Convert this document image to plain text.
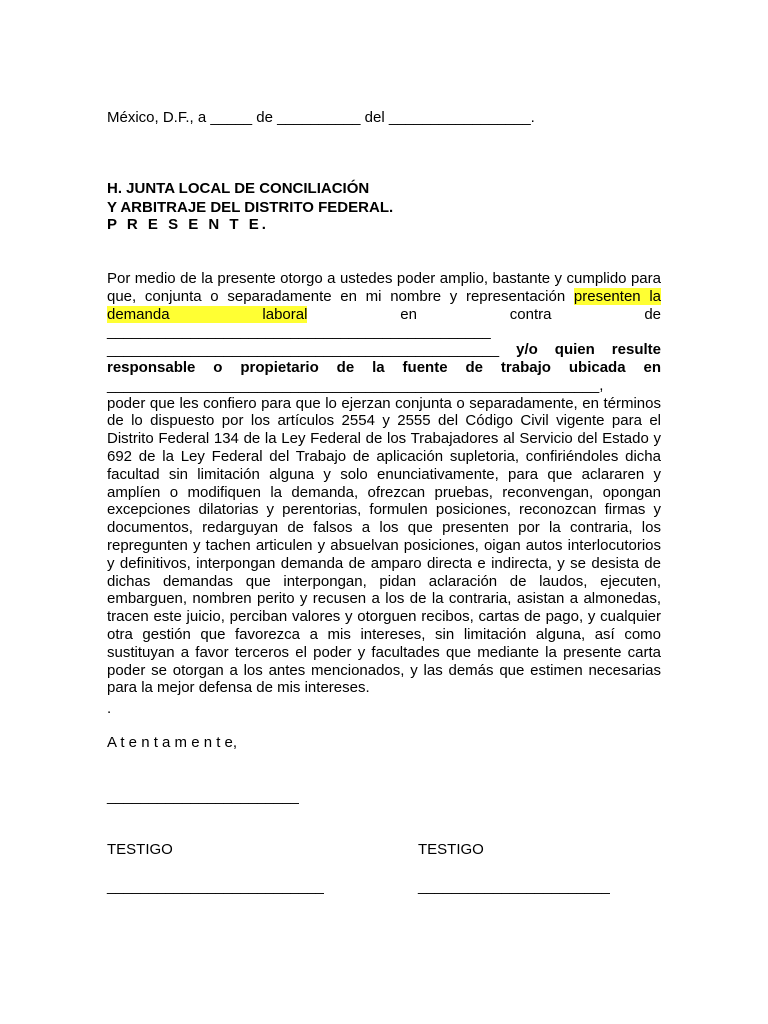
México, D.F., a _____ de __________ del _________________.
H. JUNTA LOCAL DE CONCILIACIÓN
Y ARBITRAJE DEL DISTRITO FEDERAL.
P R E S E N T E.
Por medio de la presente otorgo a ustedes poder amplio, bastante y cumplido para
que, conjunta o separadamente en mi nombre y representación presenten la
demanda laboral en contra de ______________________________________________
_______________________________________________ y/o quien resulte
responsable o propietario de la fuente de trabajo ubicada en
___________________________________________________________,
poder que les confiero para que lo ejerzan conjunta o separadamente, en términos de lo dispuesto por los artículos 2554 y 2555 del Código Civil vigente para el Distrito Federal 134 de la Ley Federal de los Trabajadores al Servicio del Estado y 692 de la Ley Federal del Trabajo de aplicación supletoria, confiriéndoles dicha facultad sin limitación alguna y solo enunciativamente, para que aclararen y amplíen o modifiquen la demanda, ofrezcan pruebas, reconvengan, opongan excepciones dilatorias y perentorias, formulen posiciones, reconozcan firmas y documentos, redarguyan de falsos a los que presenten por la contraria, los repregunten y tachen articulen y absuelvan posiciones, oigan autos interlocutorios y definitivos, interpongan demanda de amparo directa e indirecta, y se desista de dichas demandas que interpongan, pidan aclaración de laudos, ejecuten, embarguen, nombren perito y recusen a los de la contraria, asistan a almonedas, tracen este juicio, perciban valores y otorguen recibos, cartas de pago, y cualquier otra gestión que favorezca a mis intereses, sin limitación alguna, así como sustituyan a favor terceros el poder y facultades que mediante la presente carta poder se otorgan a los antes mencionados, y las demás que estimen necesarias para la mejor defensa de mis intereses.
.
A t e n t a m e n t e,
_______________________
TESTIGO	TESTIGO
__________________________	_______________________
